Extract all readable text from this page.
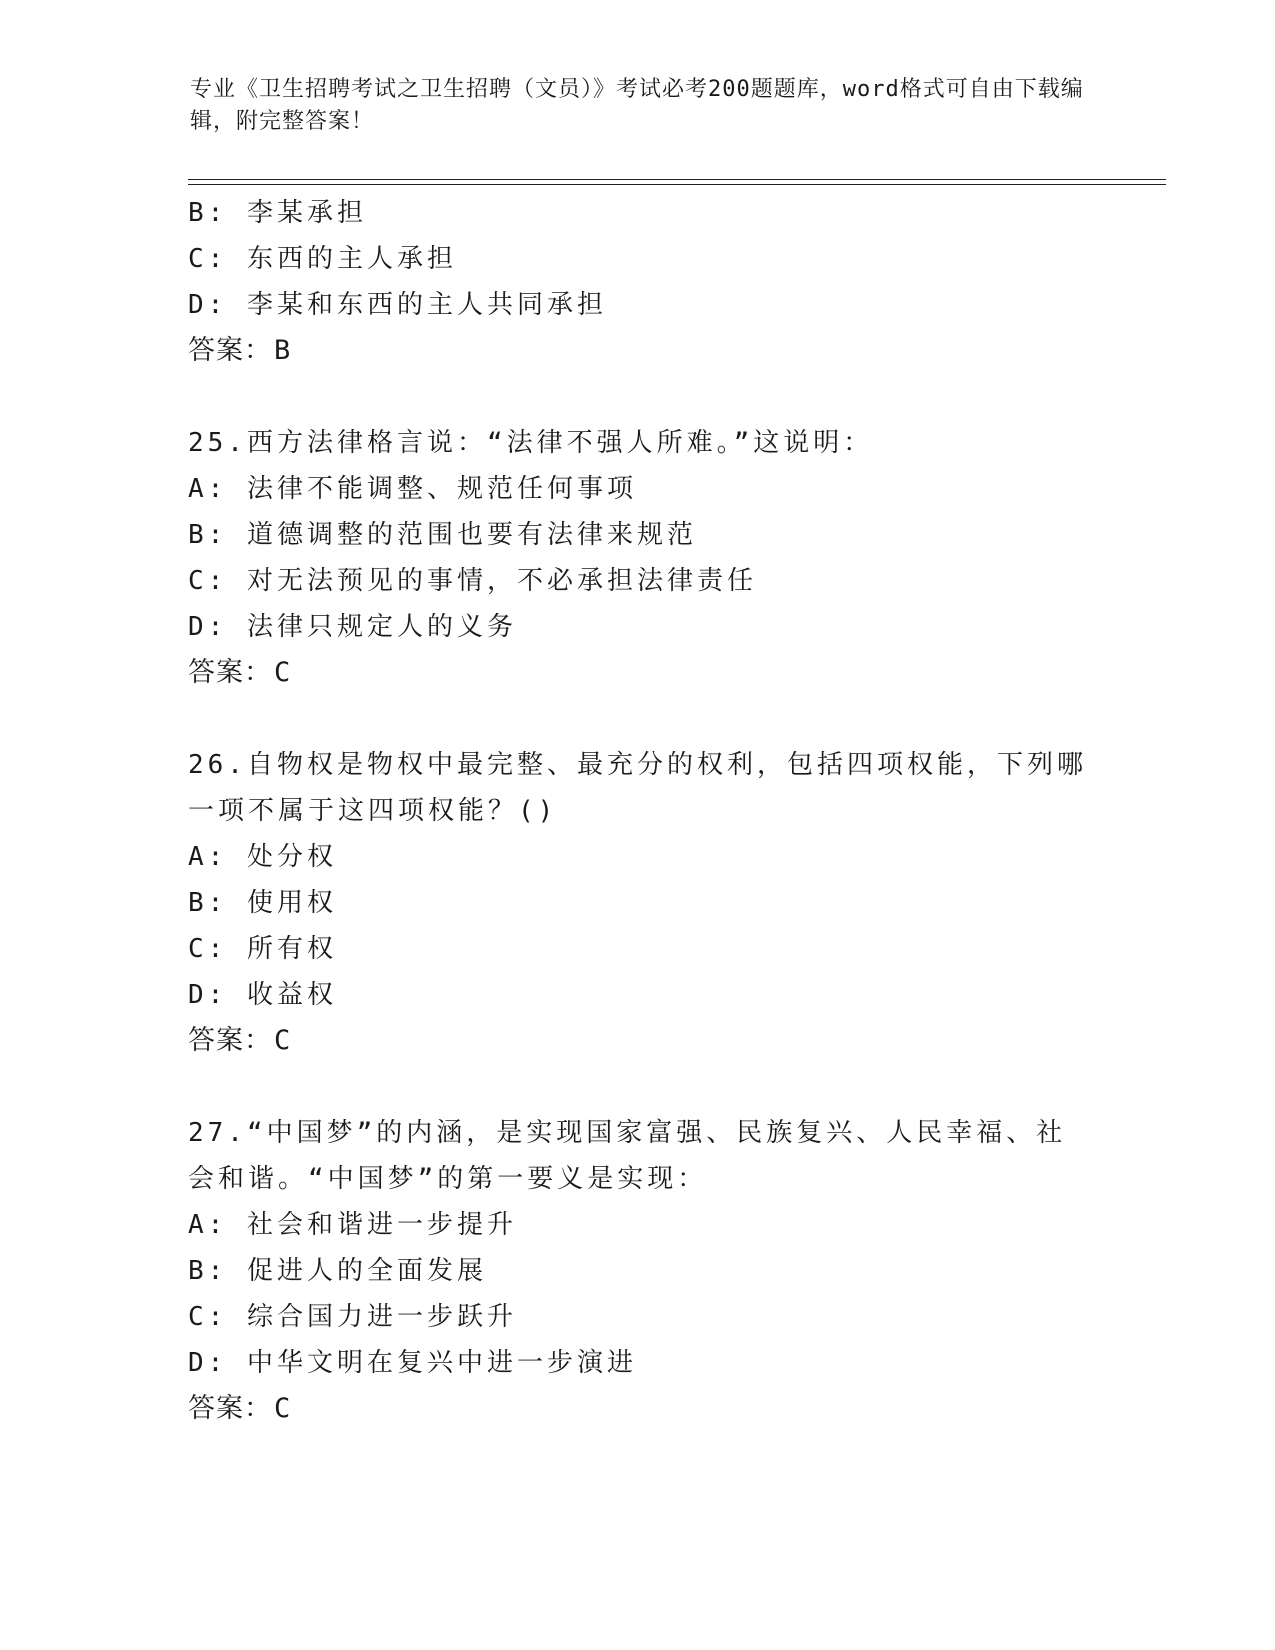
专业《卫生招聘考试之卫生招聘（文员）》考试必考200题题库，word格式可自由下载编辑，附完整答案！
B: 李某承担
C: 东西的主人承担
D: 李某和东西的主人共同承担
答案：B
25.西方法律格言说：“法律不强人所难。”这说明：
A: 法律不能调整、规范任何事项
B: 道德调整的范围也要有法律来规范
C: 对无法预见的事情，不必承担法律责任
D: 法律只规定人的义务
答案：C
26.自物权是物权中最完整、最充分的权利，包括四项权能，下列哪一项不属于这四项权能？()
A: 处分权
B: 使用权
C: 所有权
D: 收益权
答案：C
27.“中国梦”的内涵，是实现国家富强、民族复兴、人民幸福、社会和谐。“中国梦”的第一要义是实现：
A: 社会和谐进一步提升
B: 促进人的全面发展
C: 综合国力进一步跃升
D: 中华文明在复兴中进一步演进
答案：C
